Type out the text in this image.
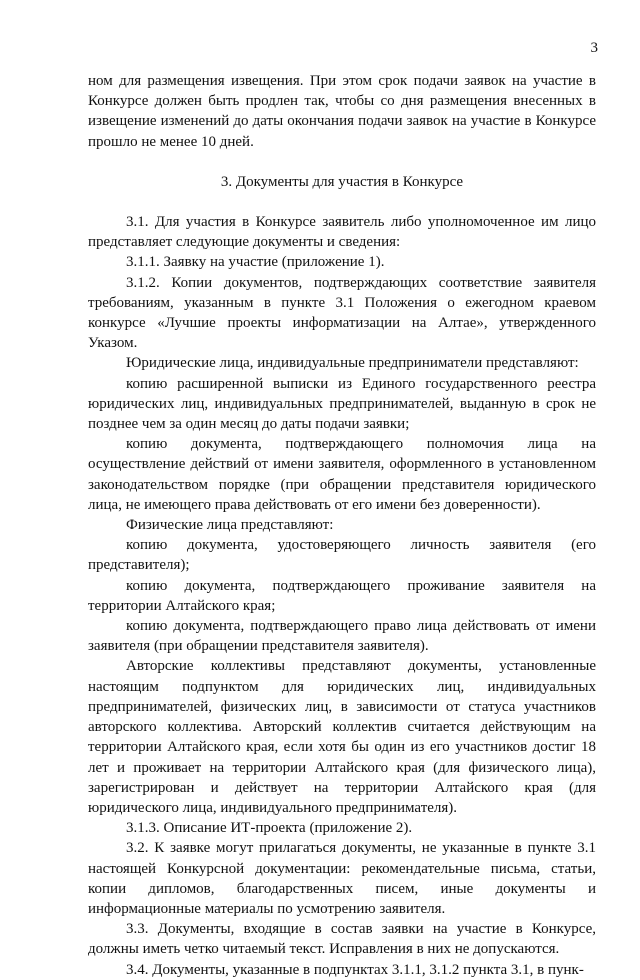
3

ном для размещения извещения. При этом срок подачи заявок на участие в Конкурсе должен быть продлен так, чтобы со дня размещения внесенных в извещение изменений до даты окончания подачи заявок на участие в Конкурсе прошло не менее 10 дней.

3. Документы для участия в Конкурсе

3.1. Для участия в Конкурсе заявитель либо уполномоченное им лицо представляет следующие документы и сведения:

3.1.1. Заявку на участие (приложение 1).

3.1.2. Копии документов, подтверждающих соответствие заявителя требованиям, указанным в пункте 3.1 Положения о ежегодном краевом конкурсе «Лучшие проекты информатизации на Алтае», утвержденного Указом.

Юридические лица, индивидуальные предприниматели представляют:

копию расширенной выписки из Единого государственного реестра юридических лиц, индивидуальных предпринимателей, выданную в срок не позднее чем за один месяц до даты подачи заявки;

копию документа, подтверждающего полномочия лица на осуществление действий от имени заявителя, оформленного в установленном законодательством порядке (при обращении представителя юридического лица, не имеющего права действовать от его имени без доверенности).

Физические лица представляют:

копию документа, удостоверяющего личность заявителя (его представителя);

копию документа, подтверждающего проживание заявителя на территории Алтайского края;

копию документа, подтверждающего право лица действовать от имени заявителя (при обращении представителя заявителя).

Авторские коллективы представляют документы, установленные настоящим подпунктом для юридических лиц, индивидуальных предпринимателей, физических лиц, в зависимости от статуса участников авторского коллектива. Авторский коллектив считается действующим на территории Алтайского края, если хотя бы один из его участников достиг 18 лет и проживает на территории Алтайского края (для физического лица), зарегистрирован и действует на территории Алтайского края (для юридического лица, индивидуального предпринимателя).

3.1.3. Описание ИТ-проекта (приложение 2).

3.2. К заявке могут прилагаться документы, не указанные в пункте 3.1 настоящей Конкурсной документации: рекомендательные письма, статьи, копии дипломов, благодарственных писем, иные документы и информационные материалы по усмотрению заявителя.

3.3. Документы, входящие в состав заявки на участие в Конкурсе, должны иметь четко читаемый текст. Исправления в них не допускаются.

3.4. Документы, указанные в подпунктах 3.1.1, 3.1.2 пункта 3.1, в пунк-
